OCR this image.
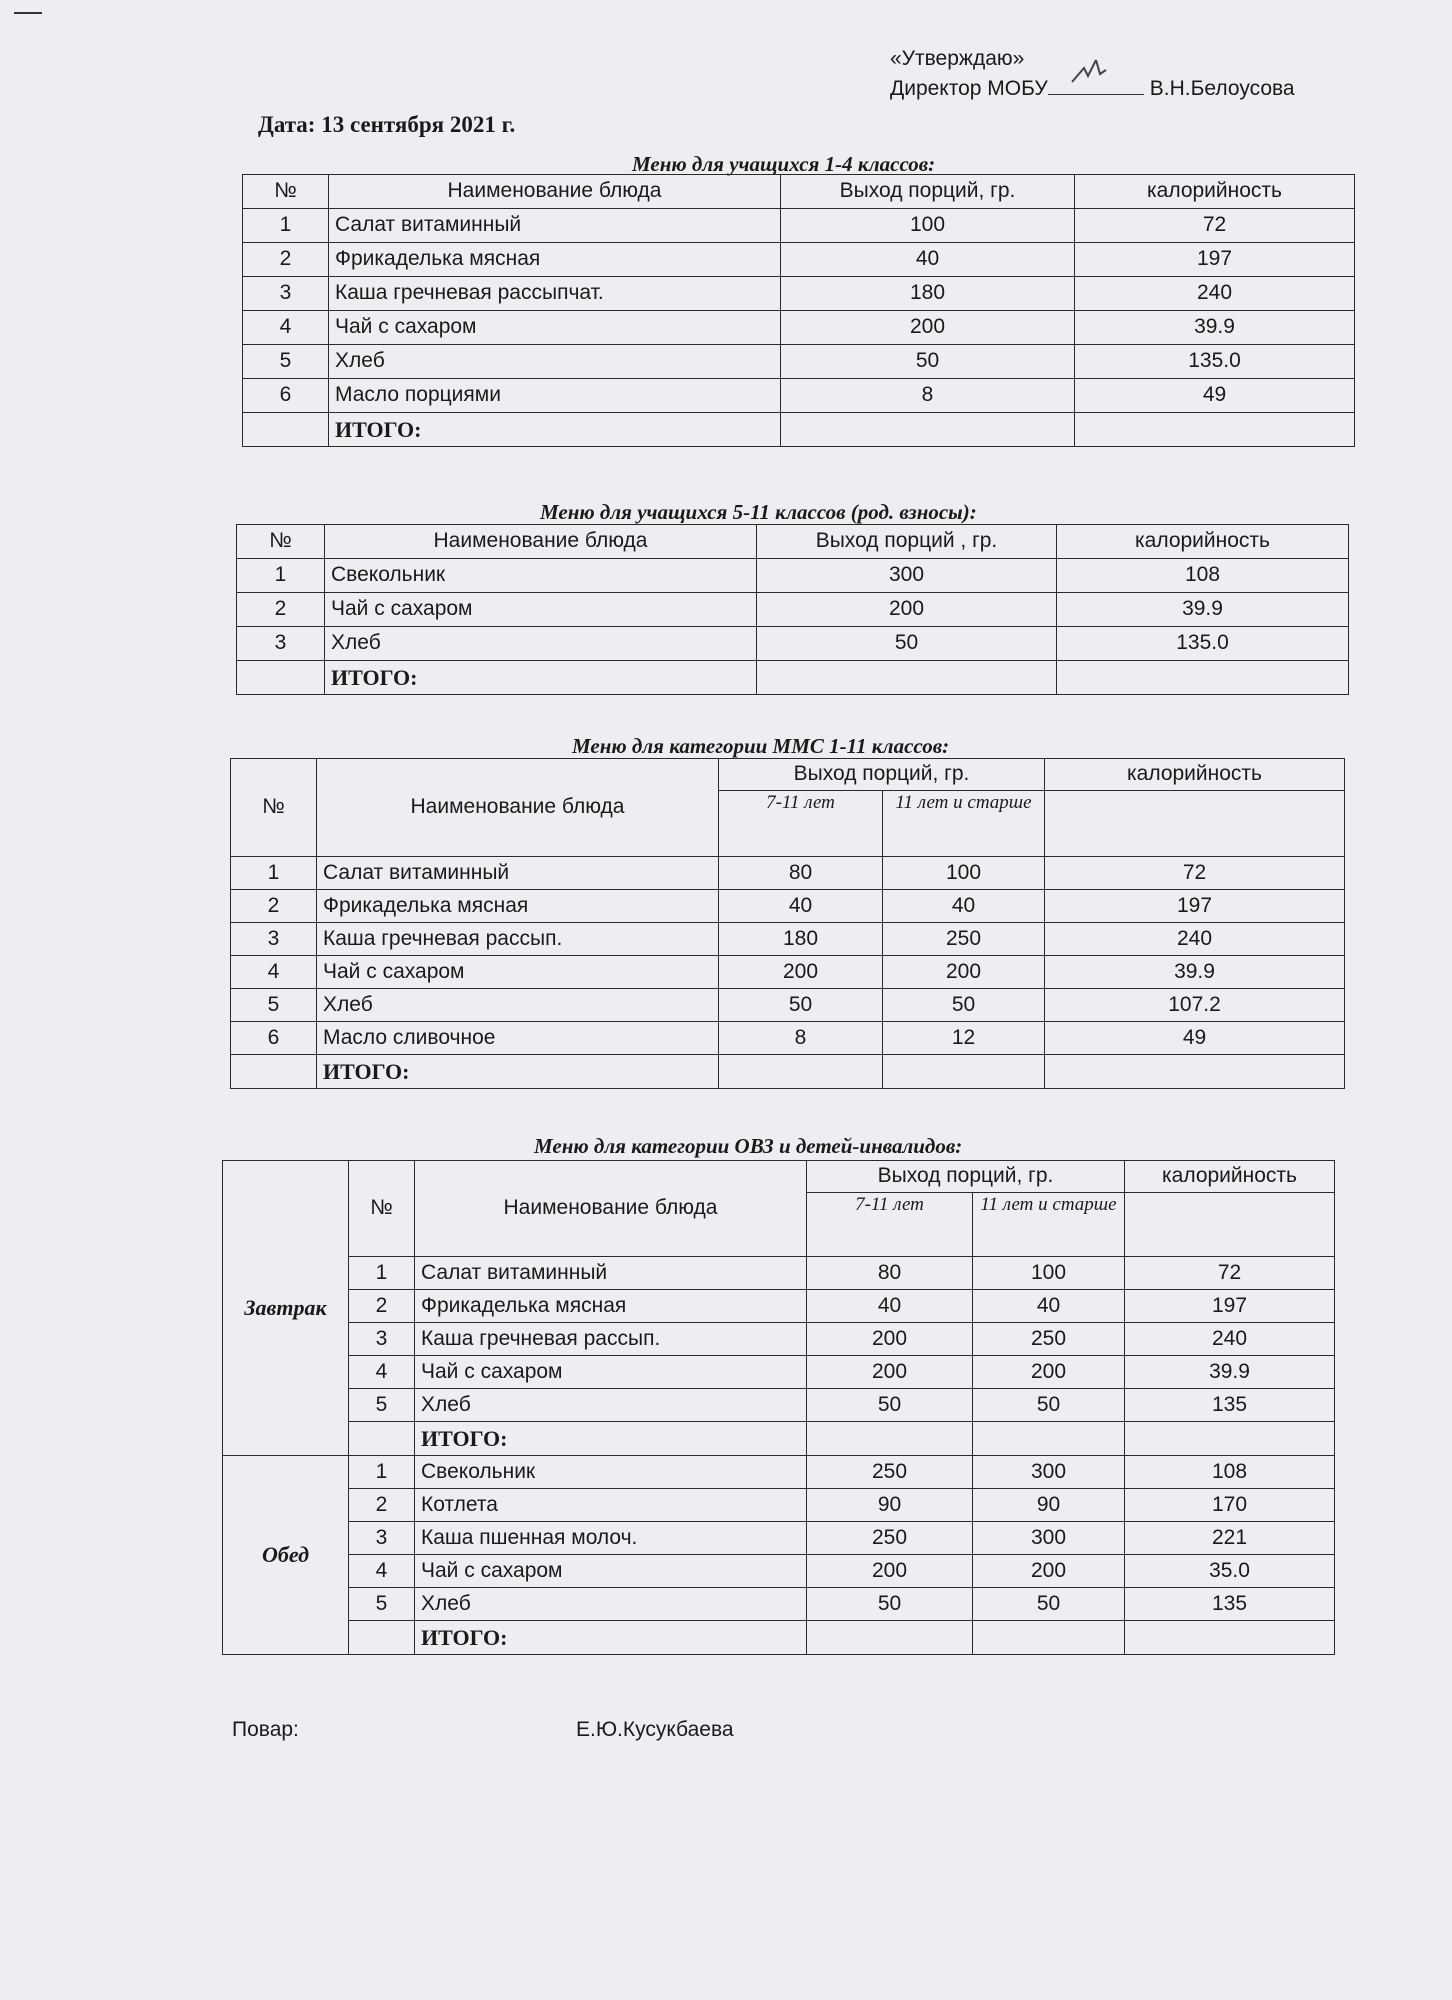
«Утверждаю»
Директор МОБУ	В.Н.Белоусова
Дата: 13 сентября 2021 г.
Меню для учащихся 1-4 классов:
№	Наименование блюда	Выход порций, гр.	калорийность
1	Салат витаминный	100	72
2	Фрикаделька мясная	40	197
3	Каша гречневая рассыпчат.	180	240
4	Чай с сахаром	200	39.9
5	Хлеб	50	135.0
6	Масло порциями	8	49
	ИТОГО:		
Меню для учащихся 5-11 классов (род. взносы):
№	Наименование блюда	Выход порций , гр.	калорийность
1	Свекольник	300	108
2	Чай с сахаром	200	39.9
3	Хлеб	50	135.0
	ИТОГО:		
Меню для категории ММС 1-11 классов:
№	Наименование блюда	Выход порций, гр.		калорийность
		7-11 лет	11 лет и старше	
1	Салат витаминный	80	100	72
2	Фрикаделька мясная	40	40	197
3	Каша гречневая рассып.	180	250	240
4	Чай с сахаром	200	200	39.9
5	Хлеб	50	50	107.2
6	Масло сливочное	8	12	49
	ИТОГО:			
Меню для категории ОВЗ и детей-инвалидов:
Завтрак	№	Наименование блюда	Выход порций, гр.		калорийность
			7-11 лет	11 лет и старше	
	1	Салат витаминный	80	100	72
	2	Фрикаделька мясная	40	40	197
	3	Каша гречневая рассып.	200	250	240
	4	Чай с сахаром	200	200	39.9
	5	Хлеб	50	50	135
		ИТОГО:			
Обед	1	Свекольник	250	300	108
	2	Котлета	90	90	170
	3	Каша пшенная молоч.	250	300	221
	4	Чай с сахаром	200	200	35.0
	5	Хлеб	50	50	135
		ИТОГО:			
Повар:	Е.Ю.Кусукбаева
